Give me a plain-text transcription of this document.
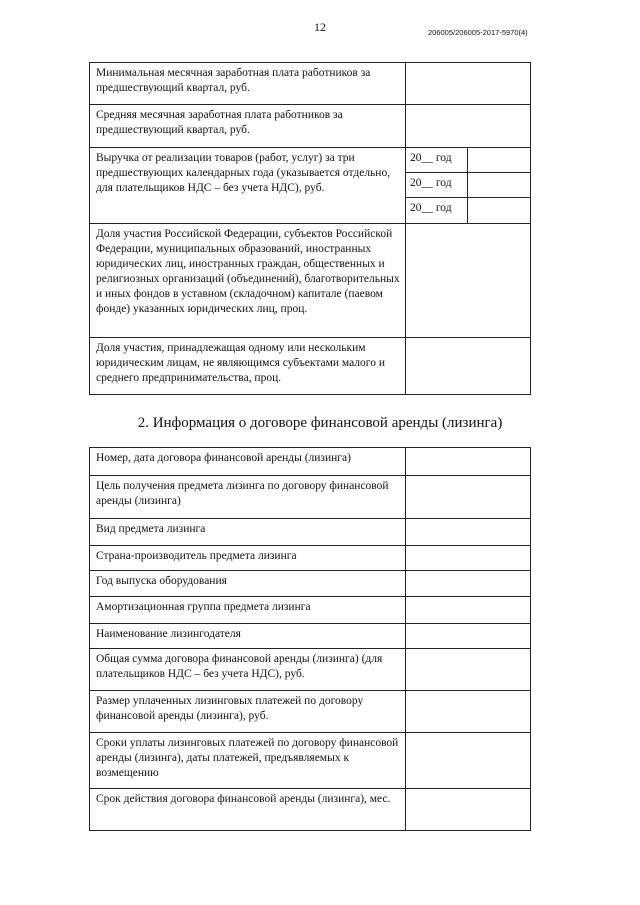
12	206005/206005-2017-5970(4)
Минимальная месячная заработная плата работников за предшествующий квартал, руб.		
Средняя месячная заработная плата работников за предшествующий квартал, руб.		
Выручка от реализации товаров (работ, услуг) за три предшествующих календарных года (указывается отдельно, для плательщиков НДС – без учета НДС), руб.	20__ год	
	20__ год	
	20__ год	
Доля участия Российской Федерации, субъектов Российской Федерации, муниципальных образований, иностранных юридических лиц, иностранных граждан, общественных и религиозных организаций (объединений), благотворительных и иных фондов в уставном (складочном) капитале (паевом фонде) указанных юридических лиц, проц.		
Доля участия, принадлежащая одному или нескольким юридическим лицам, не являющимся субъектами малого и среднего предпринимательства, проц.		
2. Информация о договоре финансовой аренды (лизинга)
Номер, дата договора финансовой аренды (лизинга)	
Цель получения предмета лизинга по договору финансовой аренды (лизинга)	
Вид предмета лизинга	
Страна-производитель предмета лизинга	
Год выпуска оборудования	
Амортизационная группа предмета лизинга	
Наименование лизингодателя	
Общая сумма договора финансовой аренды (лизинга) (для плательщиков НДС – без учета НДС), руб.	
Размер уплаченных лизинговых платежей по договору финансовой аренды (лизинга), руб.	
Сроки уплаты лизинговых платежей по договору финансовой аренды (лизинга), даты платежей, предъявляемых к возмещению	
Срок действия договора финансовой аренды (лизинга), мес.	
